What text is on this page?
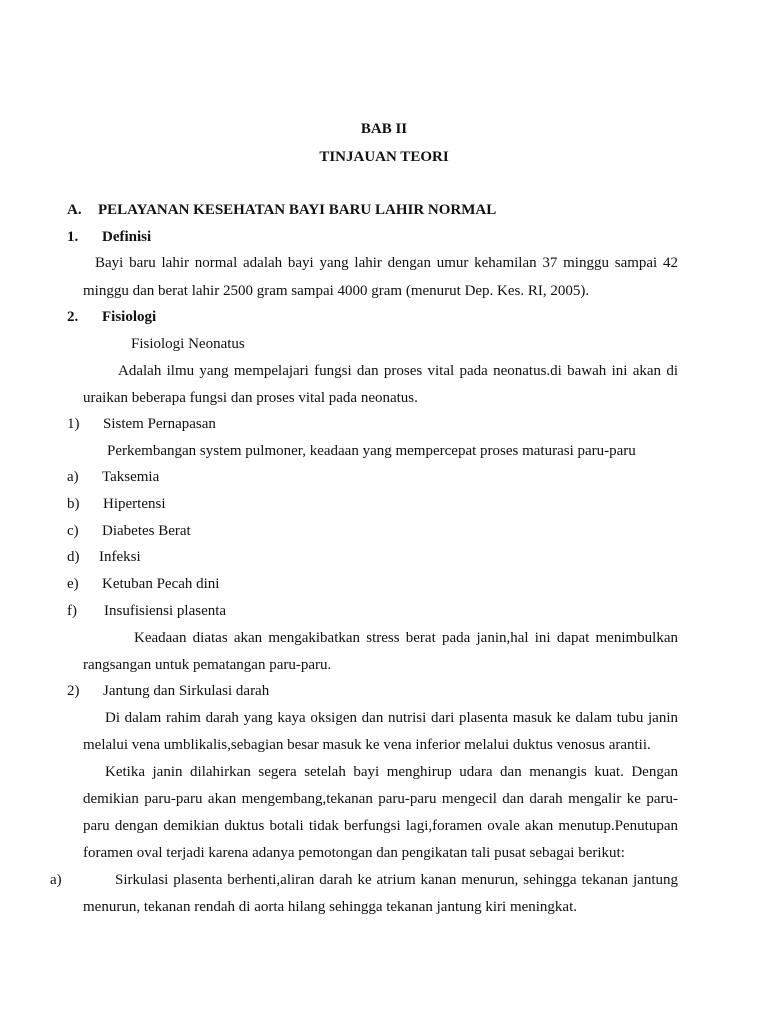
BAB II
TINJAUAN TEORI
A. PELAYANAN KESEHATAN BAYI BARU LAHIR NORMAL
1. Definisi
Bayi baru lahir normal adalah bayi yang lahir dengan umur kehamilan 37 minggu sampai 42
minggu dan berat lahir 2500 gram sampai 4000 gram (menurut Dep. Kes. RI, 2005).
2. Fisiologi
Fisiologi Neonatus
Adalah ilmu yang mempelajari fungsi dan proses vital pada neonatus.di bawah ini akan di
uraikan beberapa fungsi dan proses vital pada neonatus.
1) Sistem Pernapasan
Perkembangan system pulmoner, keadaan yang mempercepat proses maturasi paru-paru
a) Taksemia
b) Hipertensi
c) Diabetes Berat
d) Infeksi
e) Ketuban Pecah dini
f) Insufisiensi plasenta
Keadaan diatas akan mengakibatkan stress berat pada janin,hal ini dapat menimbulkan
rangsangan untuk pematangan paru-paru.
2) Jantung dan Sirkulasi darah
Di dalam rahim darah yang kaya oksigen dan nutrisi dari plasenta masuk ke dalam tubu janin
melalui vena umblikalis,sebagian besar masuk ke vena inferior melalui duktus venosus arantii.
Ketika janin dilahirkan segera setelah bayi menghirup udara dan menangis kuat. Dengan
demikian paru-paru akan mengembang,tekanan paru-paru mengecil dan darah mengalir ke paru-
paru dengan demikian duktus botali tidak berfungsi lagi,foramen ovale akan menutup.Penutupan
foramen oval terjadi karena adanya pemotongan dan pengikatan tali pusat sebagai berikut:
a)	Sirkulasi plasenta berhenti,aliran darah ke atrium kanan menurun, sehingga tekanan jantung
menurun, tekanan rendah di aorta hilang sehingga tekanan jantung kiri meningkat.
